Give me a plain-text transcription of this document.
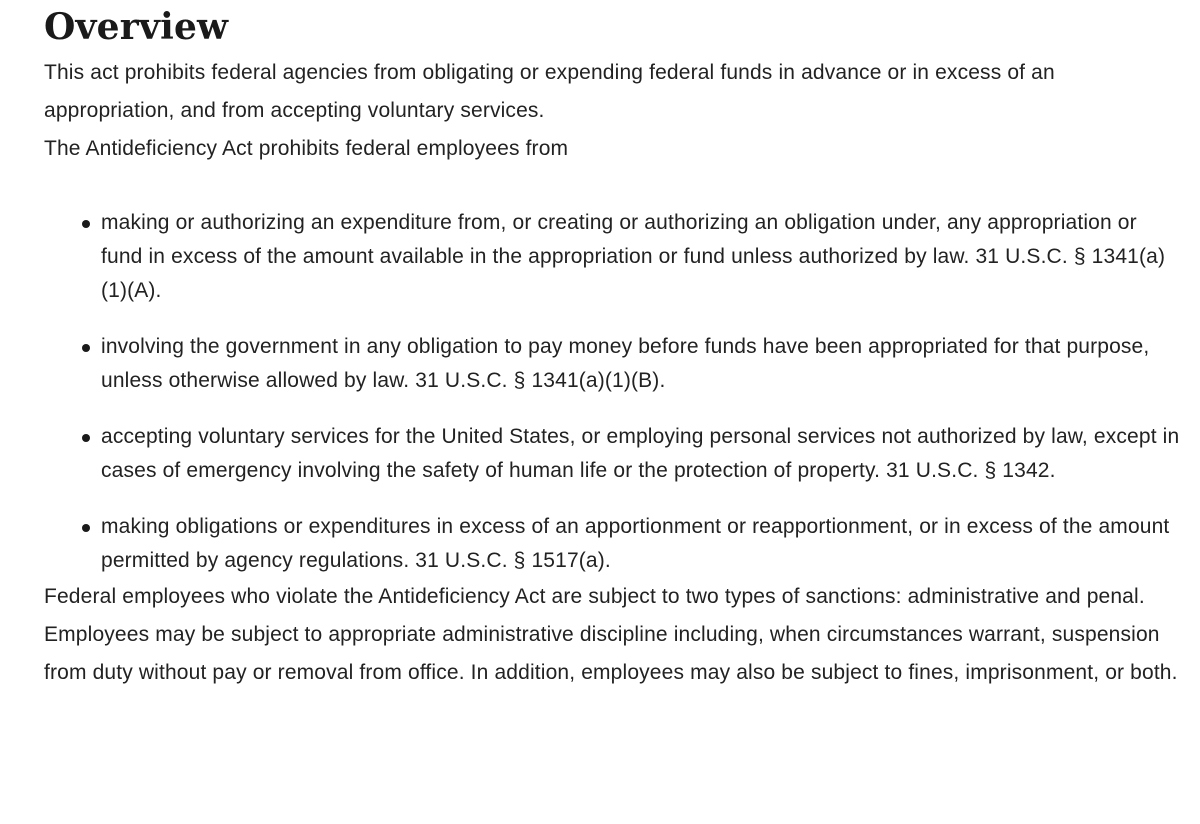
Overview

This act prohibits federal agencies from obligating or expending federal funds in advance or in excess of an appropriation, and from accepting voluntary services.

The Antideficiency Act prohibits federal employees from

making or authorizing an expenditure from, or creating or authorizing an obligation under, any appropriation or fund in excess of the amount available in the appropriation or fund unless authorized by law. 31 U.S.C. § 1341(a)(1)(A).
involving the government in any obligation to pay money before funds have been appropriated for that purpose, unless otherwise allowed by law. 31 U.S.C. § 1341(a)(1)(B).
accepting voluntary services for the United States, or employing personal services not authorized by law, except in cases of emergency involving the safety of human life or the protection of property. 31 U.S.C. § 1342.
making obligations or expenditures in excess of an apportionment or reapportionment, or in excess of the amount permitted by agency regulations. 31 U.S.C. § 1517(a).

Federal employees who violate the Antideficiency Act are subject to two types of sanctions: administrative and penal. Employees may be subject to appropriate administrative discipline including, when circumstances warrant, suspension from duty without pay or removal from office. In addition, employees may also be subject to fines, imprisonment, or both.
